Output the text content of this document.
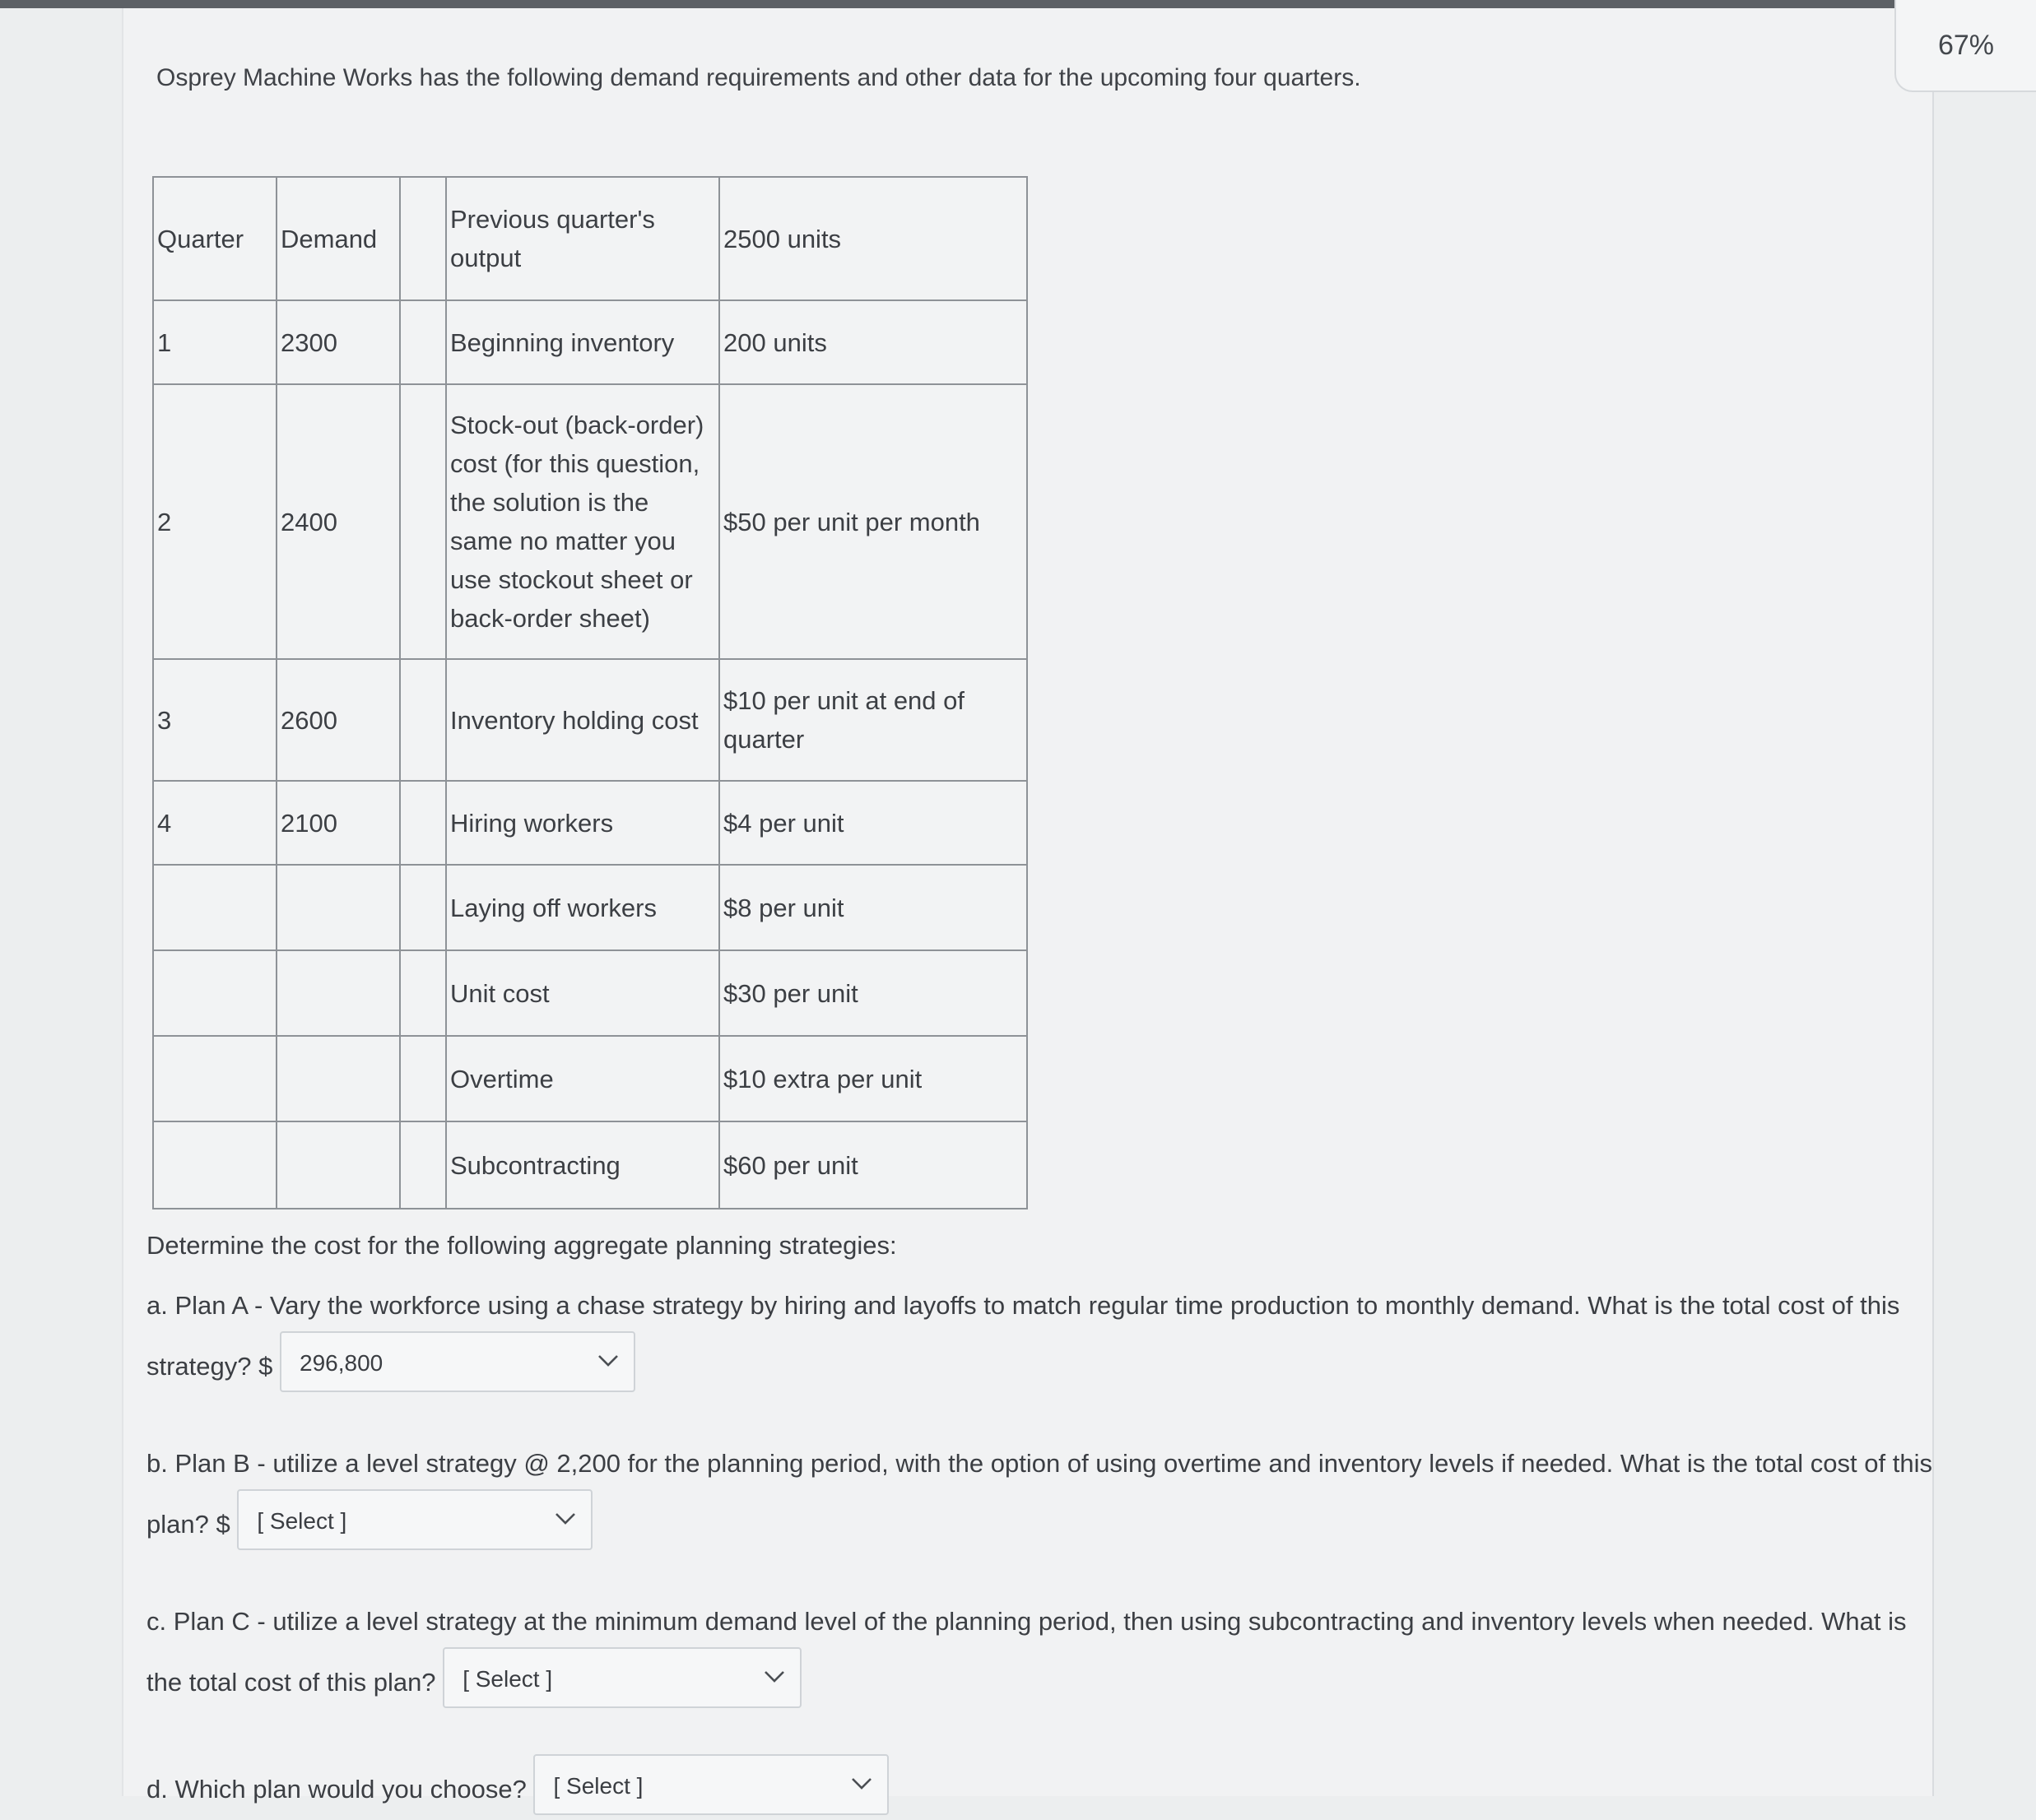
67%
Osprey Machine Works has the following demand requirements and other data for the upcoming four quarters.
Quarter	Demand		Previous quarter's output	2500 units
1	2300		Beginning inventory	200 units
2	2400		Stock-out (back-order) cost (for this question, the solution is the same no matter you use stockout sheet or back-order sheet)	$50 per unit per month
3	2600		Inventory holding cost	$10 per unit at end of quarter
4	2100		Hiring workers	$4 per unit
			Laying off workers	$8 per unit
			Unit cost	$30 per unit
			Overtime	$10 extra per unit
			Subcontracting	$60 per unit
Determine the cost for the following aggregate planning strategies:
a. Plan A - Vary the workforce using a chase strategy by hiring and layoffs to match regular time production to monthly demand. What is the total cost of this strategy? $ 296,800
b. Plan B - utilize a level strategy @ 2,200 for the planning period, with the option of using overtime and inventory levels if needed. What is the total cost of this plan? $ [ Select ]
c. Plan C - utilize a level strategy at the minimum demand level of the planning period, then using subcontracting and inventory levels when needed. What is the total cost of this plan? [ Select ]
d. Which plan would you choose? [ Select ]
